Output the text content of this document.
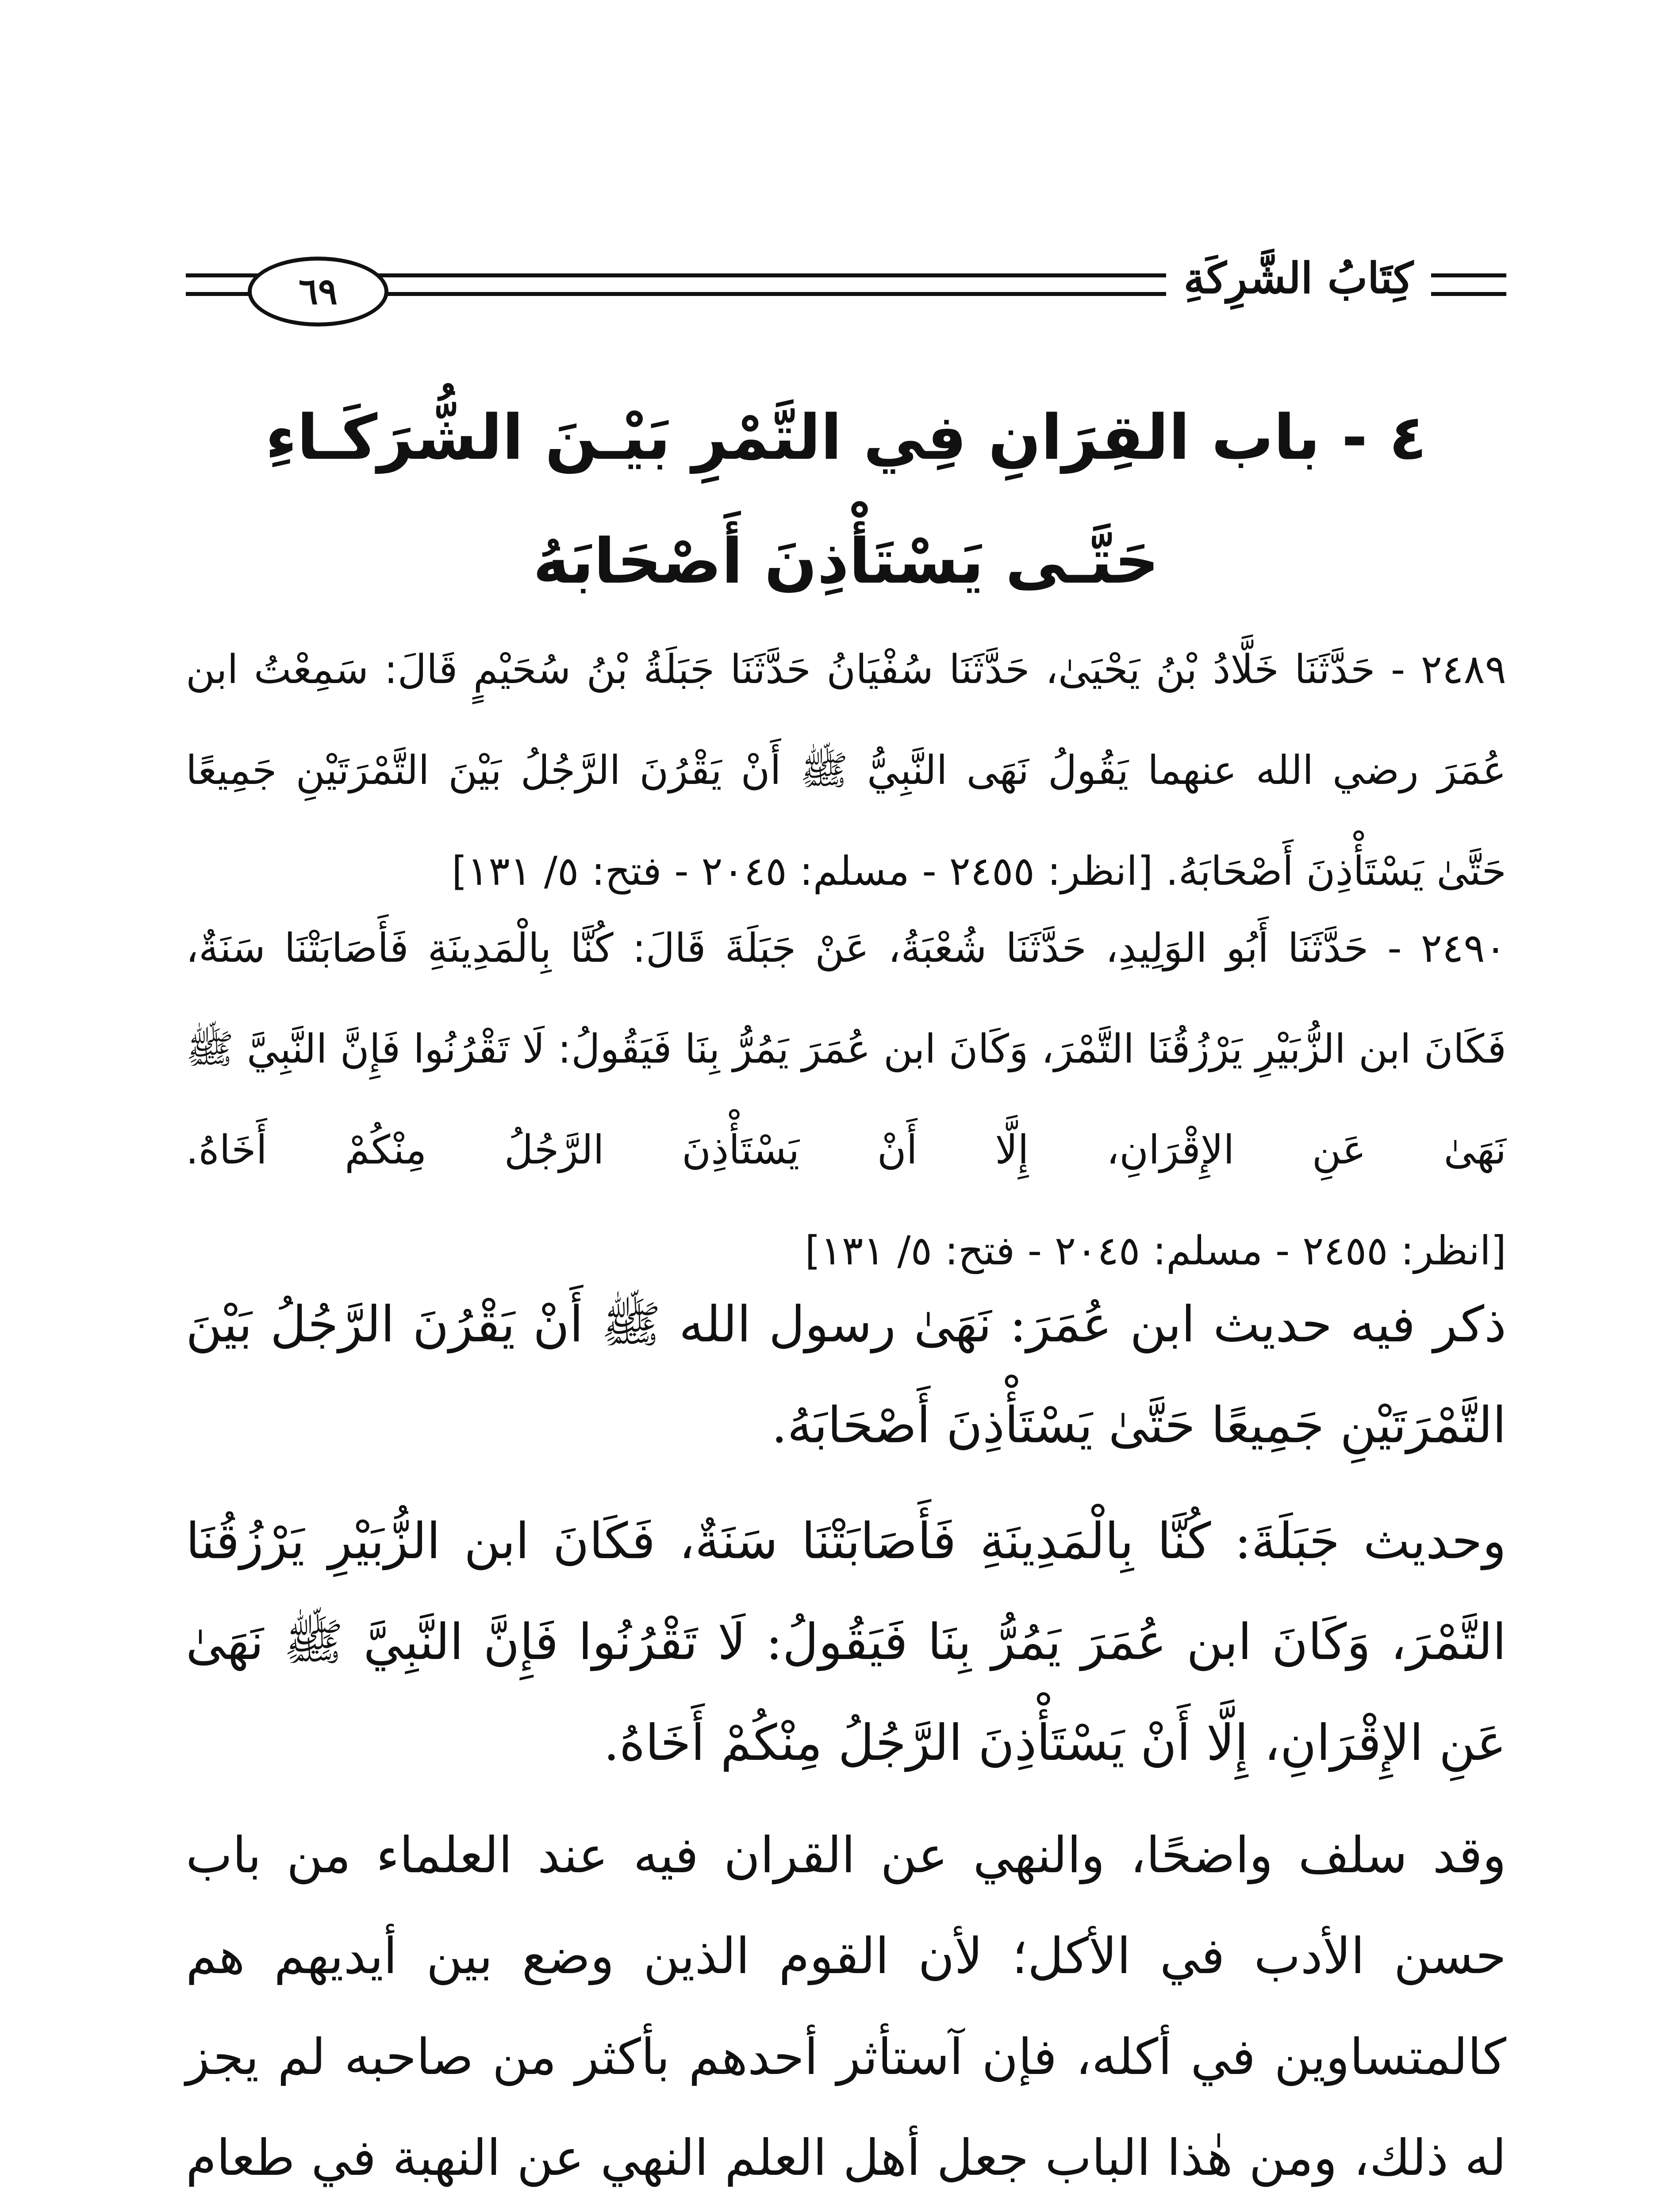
٦٩	كِتَابُ الشَّرِكَةِ
٤ - باب القِرَانِ فِي التَّمْرِ بَيْـنَ الشُّرَكَـاءِ
حَتَّـى يَسْتَأْذِنَ أَصْحَابَهُ

٢٤٨٩ - حَدَّثَنَا خَلَّادُ بْنُ يَحْيَىٰ، حَدَّثَنَا سُفْيَانُ حَدَّثَنَا جَبَلَةُ بْنُ سُحَيْمٍ قَالَ: سَمِعْتُ ابن عُمَرَ رضي الله عنهما يَقُولُ نَهَى النَّبِيُّ ﷺ أَنْ يَقْرُنَ الرَّجُلُ بَيْنَ التَّمْرَتَيْنِ جَمِيعًا حَتَّىٰ يَسْتَأْذِنَ أَصْحَابَهُ. [انظر: ٢٤٥٥ - مسلم: ٢٠٤٥ - فتح: ٥/ ١٣١]

٢٤٩٠ - حَدَّثَنَا أَبُو الوَلِيدِ، حَدَّثَنَا شُعْبَةُ، عَنْ جَبَلَةَ قَالَ: كُنَّا بِالْمَدِينَةِ فَأَصَابَتْنَا سَنَةٌ، فَكَانَ ابن الزُّبَيْرِ يَرْزُقُنَا التَّمْرَ، وَكَانَ ابن عُمَرَ يَمُرُّ بِنَا فَيَقُولُ: لَا تَقْرُنُوا فَإِنَّ النَّبِيَّ ﷺ نَهَىٰ عَنِ الإِقْرَانِ، إِلَّا أَنْ يَسْتَأْذِنَ الرَّجُلُ مِنْكُمْ أَخَاهُ. [انظر: ٢٤٥٥ - مسلم: ٢٠٤٥ - فتح: ٥/ ١٣١]

ذكر فيه حديث ابن عُمَرَ: نَهَىٰ رسول الله ﷺ أَنْ يَقْرُنَ الرَّجُلُ بَيْنَ التَّمْرَتَيْنِ جَمِيعًا حَتَّىٰ يَسْتَأْذِنَ أَصْحَابَهُ.

وحديث جَبَلَةَ: كُنَّا بِالْمَدِينَةِ فَأَصَابَتْنَا سَنَةٌ، فَكَانَ ابن الزُّبَيْرِ يَرْزُقُنَا التَّمْرَ، وَكَانَ ابن عُمَرَ يَمُرُّ بِنَا فَيَقُولُ: لَا تَقْرُنُوا فَإِنَّ النَّبِيَّ ﷺ نَهَىٰ عَنِ الإِقْرَانِ، إِلَّا أَنْ يَسْتَأْذِنَ الرَّجُلُ مِنْكُمْ أَخَاهُ.

وقد سلف واضحًا، والنهي عن القران فيه عند العلماء من باب حسن الأدب في الأكل؛ لأن القوم الذين وضع بين أيديهم هم كالمتساوين في أكله، فإن آستأثر أحدهم بأكثر من صاحبه لم يجز له ذلك، ومن هٰذا الباب جعل أهل العلم النهي عن النهبة في طعام
